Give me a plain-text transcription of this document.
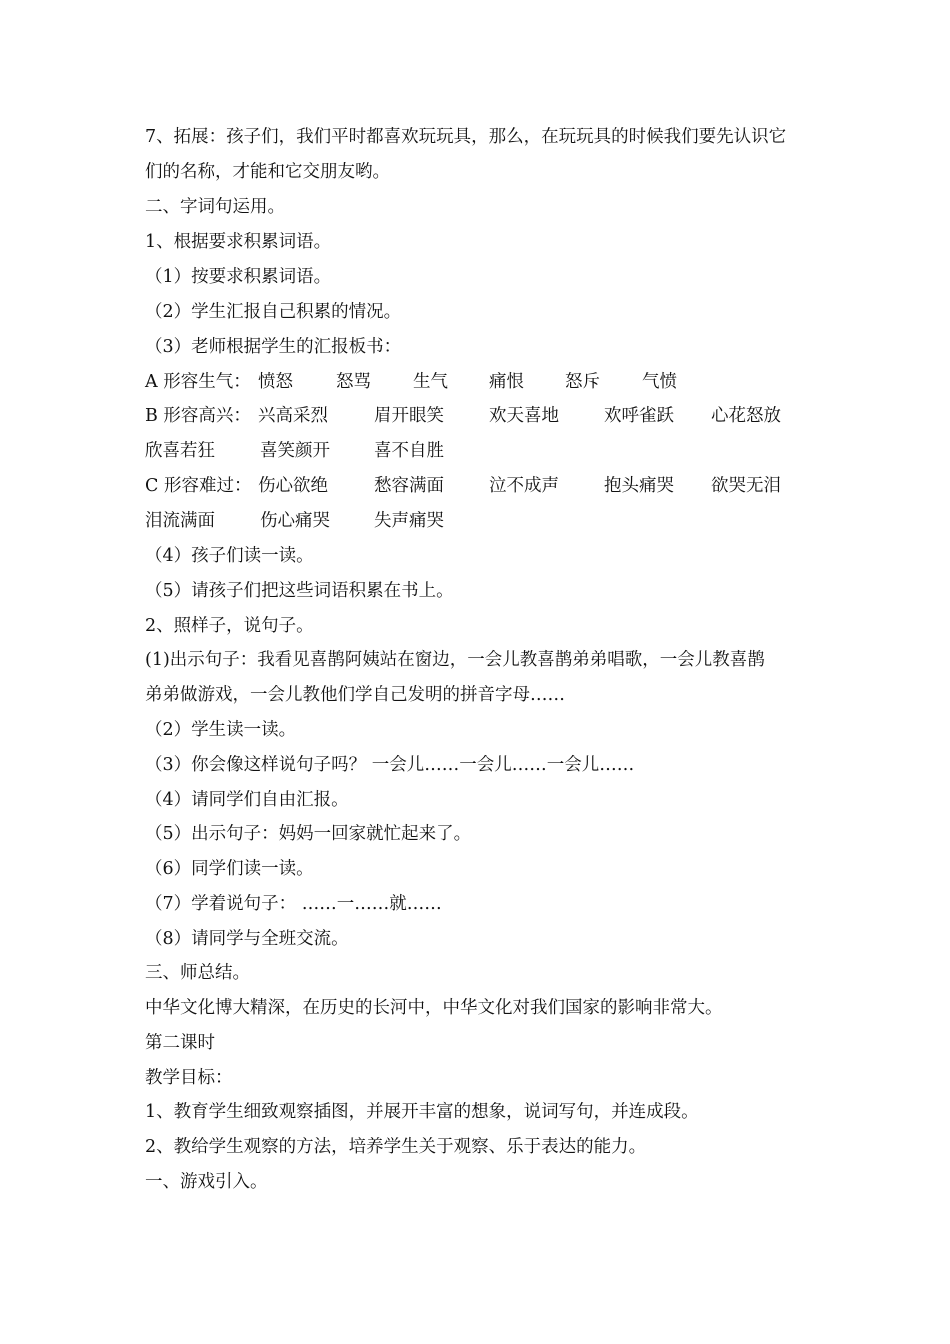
7、拓展：孩子们，我们平时都喜欢玩玩具，那么，在玩玩具的时候我们要先认识它
们的名称，才能和它交朋友哟。
二、字词句运用。
1、根据要求积累词语。
（1）按要求积累词语。
（2）学生汇报自己积累的情况。
（3）老师根据学生的汇报板书：
A 形容生气： 愤怒 怒骂 生气 痛恨 怒斥 气愤
B 形容高兴： 兴高采烈	眉开眼笑	欢天喜地	欢呼雀跃 心花怒放
欣喜若狂	喜笑颜开	喜不自胜
C 形容难过： 伤心欲绝	愁容满面	泣不成声	抱头痛哭 欲哭无泪
泪流满面	伤心痛哭	失声痛哭
（4）孩子们读一读。
（5）请孩子们把这些词语积累在书上。
2、照样子，说句子。
(1)出示句子：我看见喜鹊阿姨站在窗边，一会儿教喜鹊弟弟唱歌，一会儿教喜鹊
弟弟做游戏，一会儿教他们学自己发明的拼音字母……
（2）学生读一读。
（3）你会像这样说句子吗？ 一会儿……一会儿……一会儿……
（4）请同学们自由汇报。
（5）出示句子：妈妈一回家就忙起来了。
（6）同学们读一读。
（7）学着说句子： ……一……就……
（8）请同学与全班交流。
三、师总结。
中华文化博大精深，在历史的长河中，中华文化对我们国家的影响非常大。
第二课时
教学目标：
1、教育学生细致观察插图，并展开丰富的想象，说词写句，并连成段。
2、教给学生观察的方法，培养学生关于观察、乐于表达的能力。
一、游戏引入。
